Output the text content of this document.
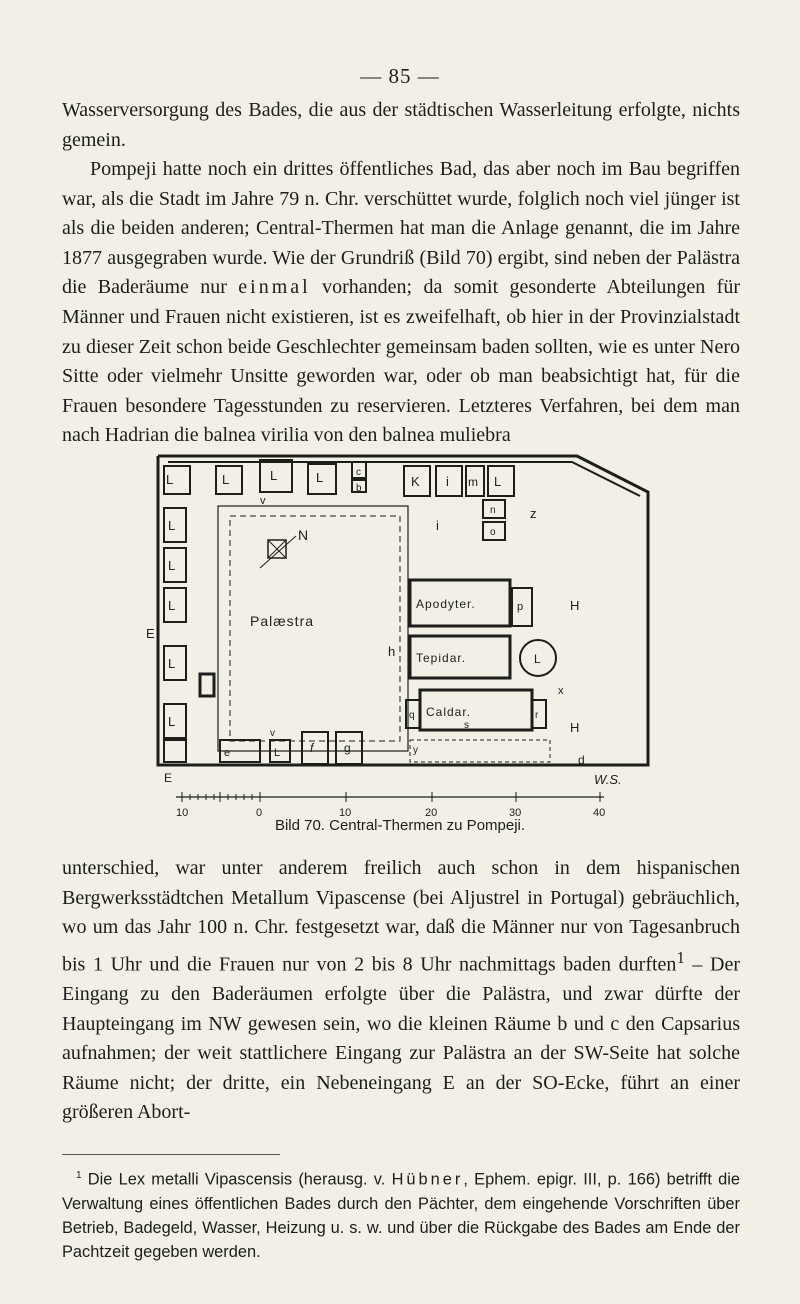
— 85 —

Wasserversorgung des Bades, die aus der städtischen Wasserleitung erfolgte, nichts gemein.

Pompeji hatte noch ein drittes öffentliches Bad, das aber noch im Bau begriffen war, als die Stadt im Jahre 79 n. Chr. verschüttet wurde, folglich noch viel jünger ist als die beiden anderen; Central-Thermen hat man die Anlage genannt, die im Jahre 1877 ausgegraben wurde. Wie der Grundriß (Bild 70) ergibt, sind neben der Palästra die Baderäume nur einmal vorhanden; da somit gesonderte Abteilungen für Männer und Frauen nicht existieren, ist es zweifelhaft, ob hier in der Provinzialstadt zu dieser Zeit schon beide Geschlechter gemeinsam baden sollten, wie es unter Nero Sitte oder vielmehr Unsitte geworden war, oder ob man beabsichtigt hat, für die Frauen besondere Tagesstunden zu reservieren. Letzteres Verfahren, bei dem man nach Hadrian die balnea virilia von den balnea muliebra

L	L	L	L	c
b	K i m L
n
o
i
z
v
L
L
L
L
L
E
N
Palæstra
h
Apodyter.	p	H
Tepidar.	L
Caldar.
s
q	r
x
H
d
y
e	L f	g
v
E	W.S.
10	0	10	20	30	40
Bild 70. Central-Thermen zu Pompeji.

unterschied, war unter anderem freilich auch schon in dem hispanischen Bergwerksstädtchen Metallum Vipascense (bei Aljustrel in Portugal) gebräuchlich, wo um das Jahr 100 n. Chr. festgesetzt war, daß die Männer nur von Tagesanbruch bis 1 Uhr und die Frauen nur von 2 bis 8 Uhr nachmittags baden durften$^1$ – Der Eingang zu den Baderäumen erfolgte über die Palästra, und zwar dürfte der Haupteingang im NW gewesen sein, wo die kleinen Räume b und c den Capsarius aufnahmen; der weit stattlichere Eingang zur Palästra an der SW-Seite hat solche Räume nicht; der dritte, ein Nebeneingang E an der SO-Ecke, führt an einer größeren Abort-

$^1$ Die Lex metalli Vipascensis (herausg. v. Hübner, Ephem. epigr. III, p. 166) betrifft die Verwaltung eines öffentlichen Bades durch den Pächter, dem eingehende Vorschriften über Betrieb, Badegeld, Wasser, Heizung u. s. w. und über die Rückgabe des Bades am Ende der Pachtzeit gegeben werden.
